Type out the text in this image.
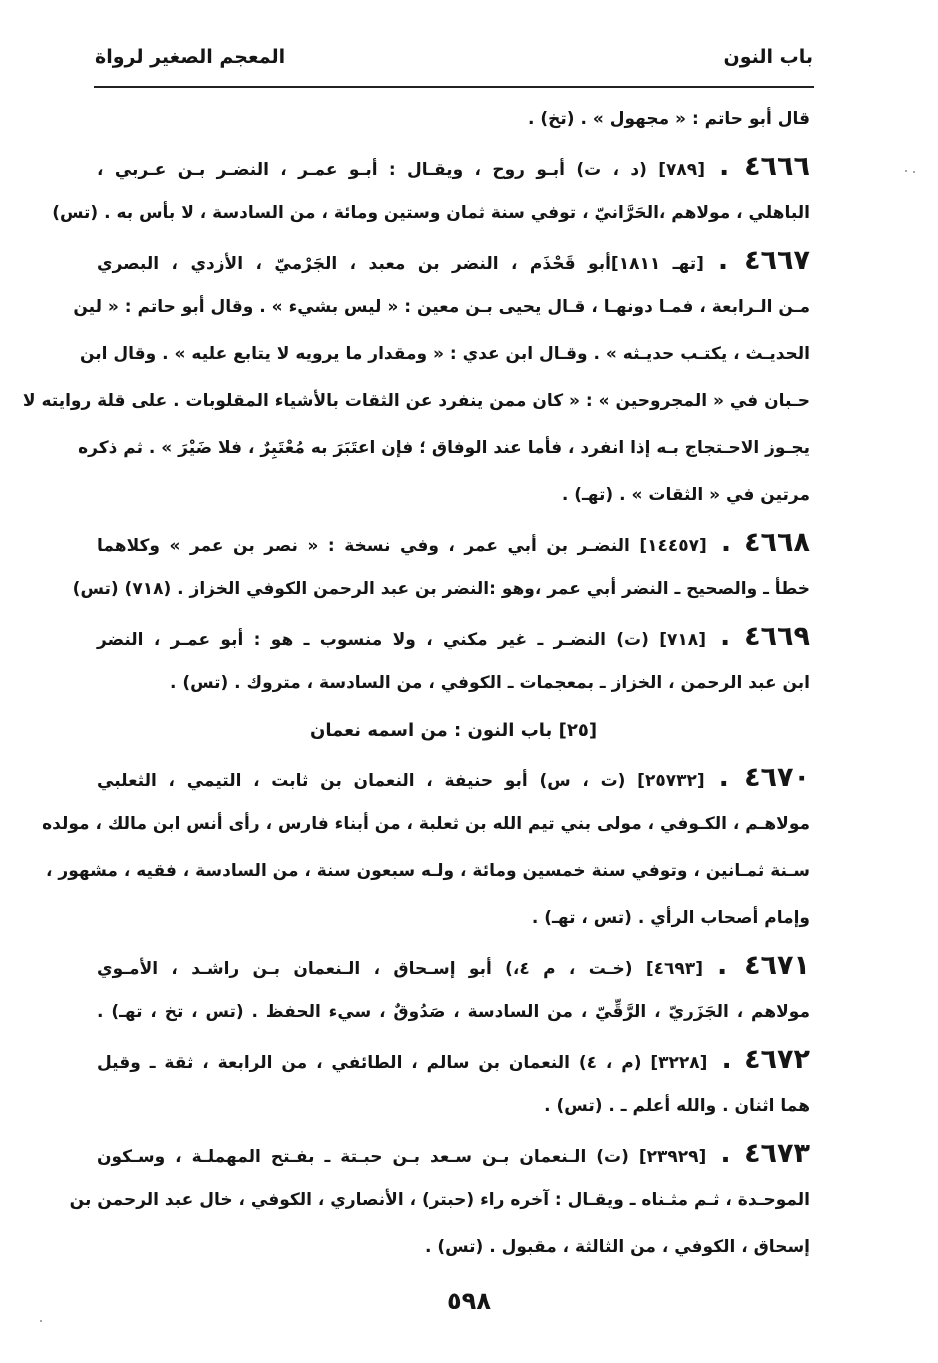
باب النون
المعجم الصغير لرواة
قال أبو حاتم : « مجهول » . (تخ) .
٤٦٦٦ .[٧٨٩] (د ، ت) أبـو روح ، ويقـال : أبـو عمـر ، النضـر بـن عـربي ،
الباهلي ، مولاهم ،الحَرَّانيّ ، توفي سنة ثمان وستين ومائة ، من السادسة ، لا بأس به . (تس)
٤٦٦٧ .[تهـ ١٨١١]أبو قَحْذَم ، النضر بن معبد ، الجَرْميّ ، الأزدي ، البصري
مـن الـرابعة ، فمـا دونهـا ، قـال يحيى بـن معين : « ليس بشيء » . وقال أبو حاتم : « لين
الحديـث ، يكتـب حديـثه » . وقـال ابن عدي : « ومقدار ما يرويه لا يتابع عليه » . وقال ابن
حـبان في « المجروحين » : « كان ممن ينفرد عن الثقات بالأشياء المقلوبات . على قلة روايته لا
يجـوز الاحـتجاج بـه إذا انفرد ، فأما عند الوفاق ؛ فإن اعتَبَرَ به مُعْتَبِرٌ ، فلا ضَيْرَ » . ثم ذكره
مرتين في « الثقات » . (تهـ) .
٤٦٦٨ .[١٤٤٥٧] النضـر بن أبي عمر ، وفي نسخة : « نصر بن عمر » وكلاهما
خطأ ـ والصحيح ـ النضر أبي عمر ،وهو :النضر بن عبد الرحمن الكوفي الخزاز . (٧١٨) (تس)
٤٦٦٩ .[٧١٨] (ت) النضـر ـ غير مكني ، ولا منسوب ـ هو : أبو عمـر ، النضر
ابن عبد الرحمن ، الخزاز ـ بمعجمات ـ الكوفي ، من السادسة ، متروك . (تس) .
[٢٥] باب النون : من اسمه نعمان
٤٦٧٠ .[٢٥٧٣٢] (ت ، س) أبو حنيفة ، النعمان بن ثابت ، التيمي ، الثعلبي
مولاهـم ، الكـوفي ، مولى بني تيم الله بن ثعلبة ، من أبناء فارس ، رأى أنس ابن مالك ، مولده
سـنة ثمـانين ، وتوفي سنة خمسين ومائة ، ولـه سبعون سنة ، من السادسة ، فقيه ، مشهور ،
وإمام أصحاب الرأي . (تس ، تهـ) .
٤٦٧١ .[٤٦٩٣] (خـت ، م ٤،) أبو إسـحاق ، الـنعمان بـن راشـد ، الأمـوي
مولاهم ، الجَزَريّ ، الرَّقِّيّ ، من السادسة ، صَدُوقٌ ، سيء الحفظ . (تس ، تخ ، تهـ) .
٤٦٧٢ .[٣٢٢٨] (م ، ٤) النعمان بن سالم ، الطائفي ، من الرابعة ، ثقة ـ وقيل
هما اثنان . والله أعلم ـ . (تس) .
٤٦٧٣ .[٢٣٩٢٩] (ت) الـنعمان بـن سـعد بـن حبـتة ـ بفـتح المهملـة ، وسـكون
الموحـدة ، ثـم مثـناه ـ ويقـال : آخره راء (حبتر) ، الأنصاري ، الكوفي ، خال عبد الرحمن بن
إسحاق ، الكوفي ، من الثالثة ، مقبول . (تس) .
٥٩٨
